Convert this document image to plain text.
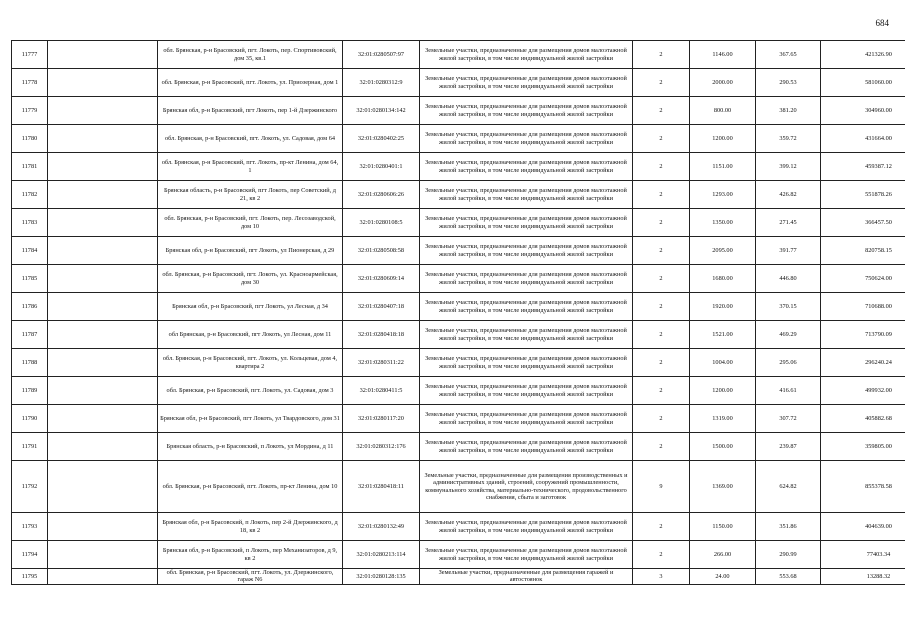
684
11777		обл. Брянская, р-н Брасовский, пгт. Локоть, пер. Спортивовский, дом 35, кв.1	32:01:0280507:97	Земельные участки, предназначенные для размещения домов малоэтажной жилой застройки, в том числе индивидуальной жилой застройки	2	1146.00	367.65	421326.90
11778		обл. Брянская, р-н Брасовский, пгт. Локоть, ул. Приозерная, дом 1	32:01:0280312:9	Земельные участки, предназначенные для размещения домов малоэтажной жилой застройки, в том числе индивидуальной жилой застройки	2	2000.00	290.53	581060.00
11779		Брянская обл, р-н Брасовский, пгт Локоть, пер 1-й Дзержинского	32:01:0280134:142	Земельные участки, предназначенные для размещения домов малоэтажной жилой застройки, в том числе индивидуальной жилой застройки	2	800.00	381.20	304960.00
11780		обл. Брянская, р-н Брасовский, пгт. Локоть, ул. Садовая, дом 64	32:01:0280402:25	Земельные участки, предназначенные для размещения домов малоэтажной жилой застройки, в том числе индивидуальной жилой застройки	2	1200.00	359.72	431664.00
11781		обл. Брянская, р-н Брасовский, пгт. Локоть, пр-кт Ленина, дом 64, 1	32:01:0280401:1	Земельные участки, предназначенные для размещения домов малоэтажной жилой застройки, в том числе индивидуальной жилой застройки	2	1151.00	399.12	459387.12
11782		Брянская область, р-н Брасовский, пгт Локоть, пер Советский, д 21, кв 2	32:01:0280606:26	Земельные участки, предназначенные для размещения домов малоэтажной жилой застройки, в том числе индивидуальной жилой застройки	2	1293.00	426.82	551878.26
11783		обл. Брянская, р-н Брасовский, пгт. Локоть, пер. Лесозаводской, дом 10	32:01:0280108:5	Земельные участки, предназначенные для размещения домов малоэтажной жилой застройки, в том числе индивидуальной жилой застройки	2	1350.00	271.45	366457.50
11784		Брянская обл, р-н Брасовский, пгт Локоть, ул Пионерская, д 29	32:01:0280508:58	Земельные участки, предназначенные для размещения домов малоэтажной жилой застройки, в том числе индивидуальной жилой застройки	2	2095.00	391.77	820758.15
11785		обл. Брянская, р-н Брасовский, пгт. Локоть, ул. Красноармейская, дом 30	32:01:0280609:14	Земельные участки, предназначенные для размещения домов малоэтажной жилой застройки, в том числе индивидуальной жилой застройки	2	1680.00	446.80	750624.00
11786		Брянская обл, р-н Брасовский, пгт Локоть, ул Лесная, д 34	32:01:0280407:18	Земельные участки, предназначенные для размещения домов малоэтажной жилой застройки, в том числе индивидуальной жилой застройки	2	1920.00	370.15	710688.00
11787		обл Брянская, р-н Брасовский, пгт Локоть, ул Лесная, дом 11	32:01:0280418:18	Земельные участки, предназначенные для размещения домов малоэтажной жилой застройки, в том числе индивидуальной жилой застройки	2	1521.00	469.29	713790.09
11788		обл. Брянская, р-н Брасовский, пгт. Локоть, ул. Кольцевая, дом 4, квартира 2	32:01:0280311:22	Земельные участки, предназначенные для размещения домов малоэтажной жилой застройки, в том числе индивидуальной жилой застройки	2	1004.00	295.06	296240.24
11789		обл. Брянская, р-н Брасовский, пгт. Локоть, ул. Садовая, дом 3	32:01:0280411:5	Земельные участки, предназначенные для размещения домов малоэтажной жилой застройки, в том числе индивидуальной жилой застройки	2	1200.00	416.61	499932.00
11790		Брянская обл, р-н Брасовский, пгт Локоть, ул Твардовского, дом 31	32:01:0280117:20	Земельные участки, предназначенные для размещения домов малоэтажной жилой застройки, в том числе индивидуальной жилой застройки	2	1319.00	307.72	405882.68
11791		Брянская область, р-н Брасовский, п Локоть, ул Мордина, д 11	32:01:0280312:176	Земельные участки, предназначенные для размещения домов малоэтажной жилой застройки, в том числе индивидуальной жилой застройки	2	1500.00	239.87	359805.00
11792		обл. Брянская, р-н Брасовский, пгт. Локоть, пр-кт Ленина, дом 10	32:01:0280418:11	Земельные участки, предназначенные для размещения производственных и административных зданий, строений, сооружений промышленности, коммунального хозяйства, материально-технического, продовольственного снабжения, сбыта и заготовок	9	1369.00	624.82	855378.58
11793		Брянская обл, р-н Брасовский, п Локоть, пер 2-й Дзержинского, д 18, кв 2	32:01:0280132:49	Земельные участки, предназначенные для размещения домов малоэтажной жилой застройки, в том числе индивидуальной жилой застройки	2	1150.00	351.86	404639.00
11794		Брянская обл, р-н Брасовский, п Локоть, пер Механизаторов, д 9, кв 2	32:01:0280213:114	Земельные участки, предназначенные для размещения домов малоэтажной жилой застройки, в том числе индивидуальной жилой застройки	2	266.00	290.99	77403.34
11795		обл. Брянская, р-н Брасовский, пгт. Локоть, ул. Дзержинского, гараж N6	32:01:0280128:135	Земельные участки, предназначенные для размещения гаражей и автостоянок	3	24.00	553.68	13288.32
